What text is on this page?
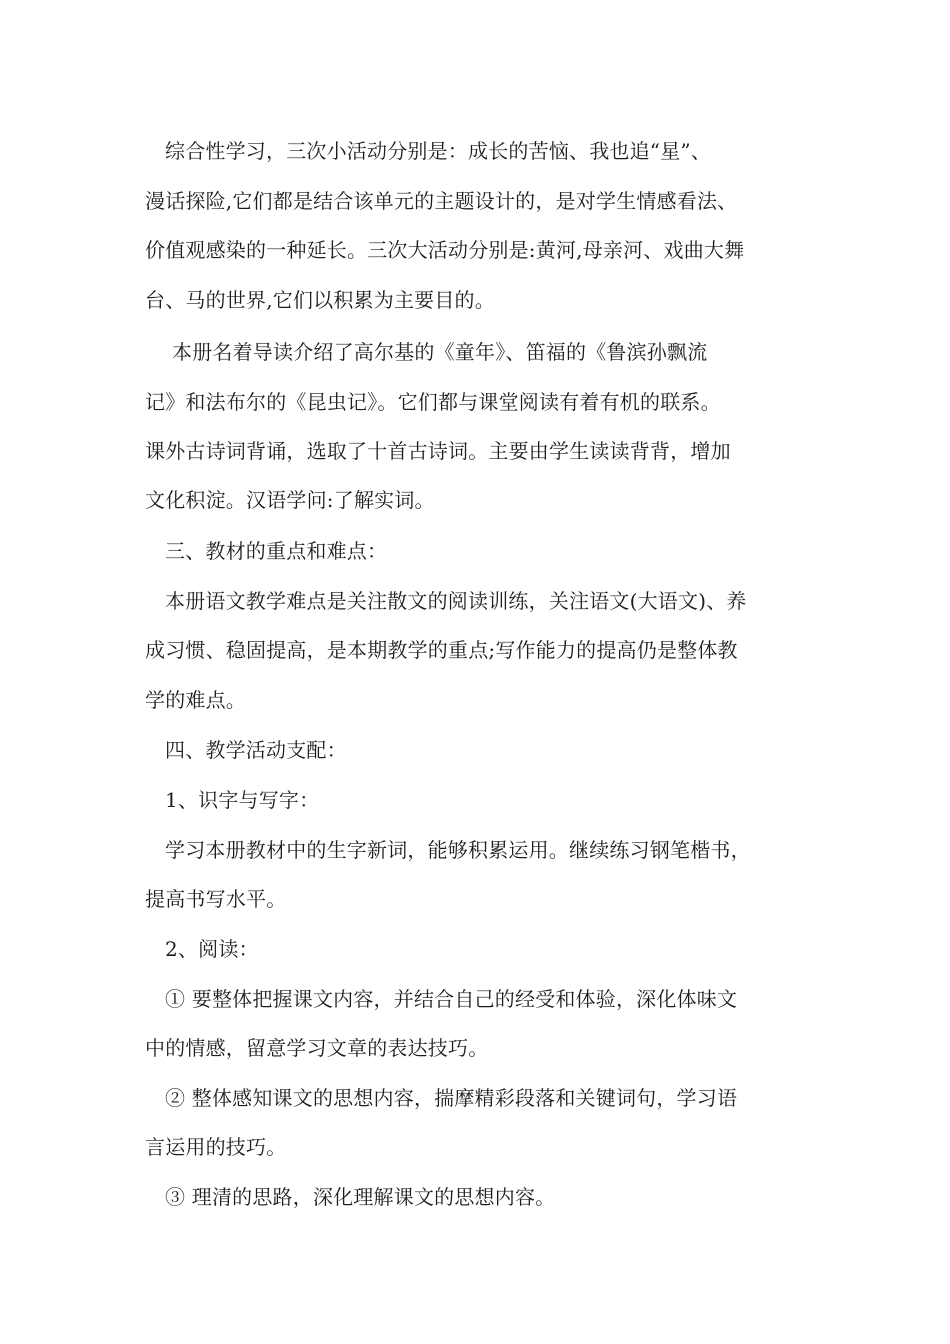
综合性学习，三次小活动分别是：成长的苦恼、我也追“星”、
漫话探险,它们都是结合该单元的主题设计的，是对学生情感看法、
价值观感染的一种延长。三次大活动分别是:黄河,母亲河、戏曲大舞
台、马的世界,它们以积累为主要目的。
本册名着导读介绍了高尔基的《童年》、笛福的《鲁滨孙飘流
记》和法布尔的《昆虫记》。它们都与课堂阅读有着有机的联系。
课外古诗词背诵，选取了十首古诗词。主要由学生读读背背，增加
文化积淀。汉语学问:了解实词。
三、教材的重点和难点：
本册语文教学难点是关注散文的阅读训练，关注语文(大语文)、养
成习惯、稳固提高，是本期教学的重点;写作能力的提高仍是整体教
学的难点。
四、教学活动支配：
1、识字与写字：
学习本册教材中的生字新词，能够积累运用。继续练习钢笔楷书，
提高书写水平。
2、阅读：
① 要整体把握课文内容，并结合自己的经受和体验，深化体味文
中的情感，留意学习文章的表达技巧。
② 整体感知课文的思想内容，揣摩精彩段落和关键词句，学习语
言运用的技巧。
③ 理清的思路，深化理解课文的思想内容。
